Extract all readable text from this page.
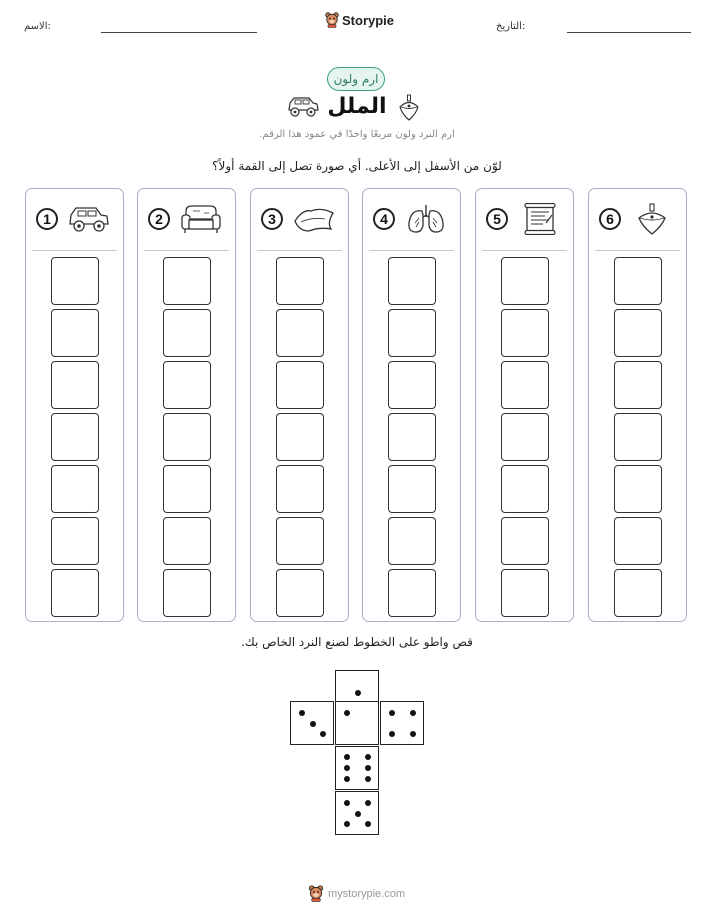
الاسم:	Storypie	التاريخ:
ارم ولون
الملل
ارم النرد ولون مربعًا واحدًا في عمود هذا الرقم.
لوّن من الأسفل إلى الأعلى. أي صورة تصل إلى القمة أولاً؟
1	2	3	4	5	6
قص واطو على الخطوط لصنع النرد الخاص بك.
mystorypie.com
